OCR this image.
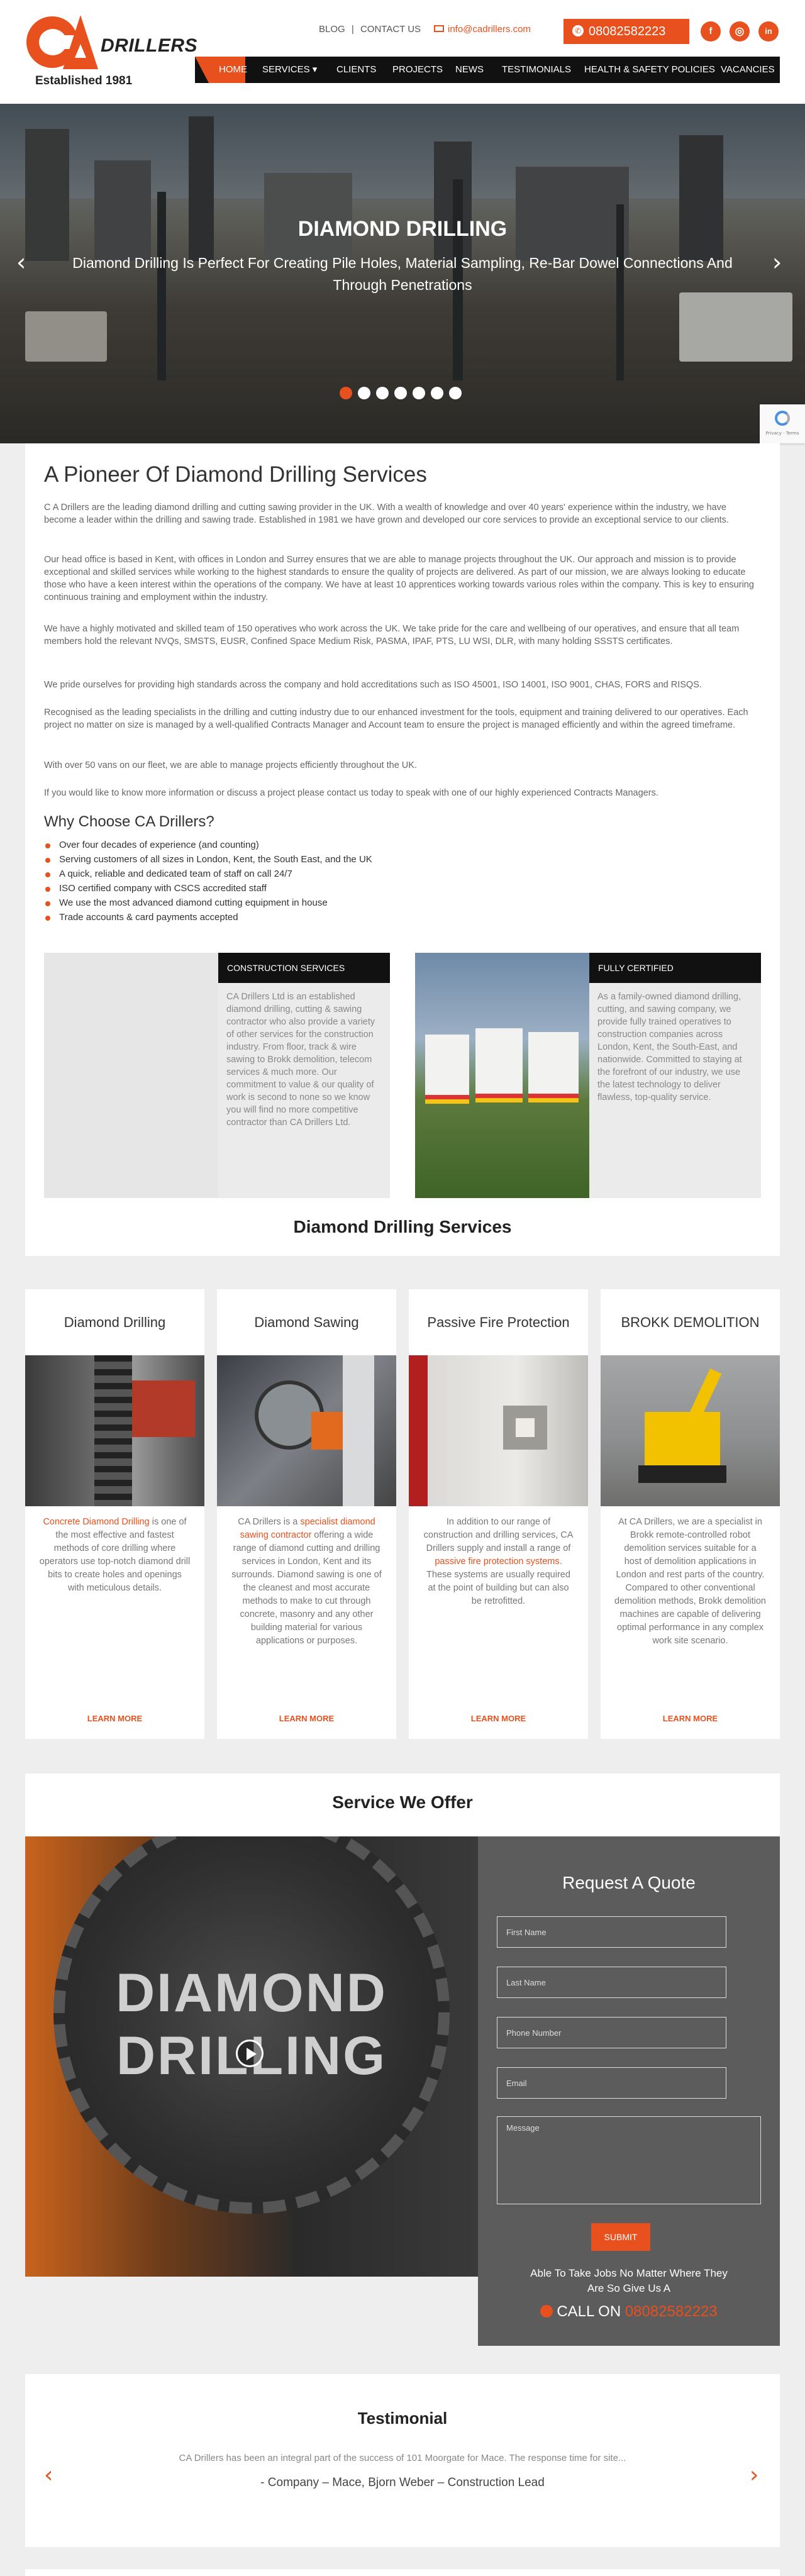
DRILLERS
Established 1981
BLOG | CONTACT US	info@cadrillers.com	✆ 08082582223	f	◎	in
HOME SERVICES ▾ CLIENTS PROJECTS NEWS TESTIMONIALS HEALTH & SAFETY POLICIES VACANCIES
DIAMOND DRILLING
Diamond Drilling Is Perfect For Creating Pile Holes, Material Sampling, Re-Bar Dowel Connections And Through Penetrations
‹	›
Privacy - Terms
A Pioneer Of Diamond Drilling Services
C A Drillers are the leading diamond drilling and cutting sawing provider in the UK. With a wealth of knowledge and over 40 years' experience within the industry, we have become a leader within the drilling and sawing trade. Established in 1981 we have grown and developed our core services to provide an exceptional service to our clients.
Our head office is based in Kent, with offices in London and Surrey ensures that we are able to manage projects throughout the UK. Our approach and mission is to provide exceptional and skilled services while working to the highest standards to ensure the quality of projects are delivered. As part of our mission, we are always looking to educate those who have a keen interest within the operations of the company. We have at least 10 apprentices working towards various roles within the company. This is key to ensuring continuous training and employment within the industry.
We have a highly motivated and skilled team of 150 operatives who work across the UK. We take pride for the care and wellbeing of our operatives, and ensure that all team members hold the relevant NVQs, SMSTS, EUSR, Confined Space Medium Risk, PASMA, IPAF, PTS, LU WSI, DLR, with many holding SSSTS certificates.
We pride ourselves for providing high standards across the company and hold accreditations such as ISO 45001, ISO 14001, ISO 9001, CHAS, FORS and RISQS.
Recognised as the leading specialists in the drilling and cutting industry due to our enhanced investment for the tools, equipment and training delivered to our operatives. Each project no matter on size is managed by a well-qualified Contracts Manager and Account team to ensure the project is managed efficiently and within the agreed timeframe.
With over 50 vans on our fleet, we are able to manage projects efficiently throughout the UK.
If you would like to know more information or discuss a project please contact us today to speak with one of our highly experienced Contracts Managers.
Why Choose CA Drillers?
Over four decades of experience (and counting)
Serving customers of all sizes in London, Kent, the South East, and the UK
A quick, reliable and dedicated team of staff on call 24/7
ISO certified company with CSCS accredited staff
We use the most advanced diamond cutting equipment in house
Trade accounts & card payments accepted
CONSTRUCTION SERVICES
CA Drillers Ltd is an established diamond drilling, cutting & sawing contractor who also provide a variety of other services for the construction industry. From floor, track & wire sawing to Brokk demolition, telecom services & much more. Our commitment to value & our quality of work is second to none so we know you will find no more competitive contractor than CA Drillers Ltd.
FULLY CERTIFIED
As a family-owned diamond drilling, cutting, and sawing company, we provide fully trained operatives to construction companies across London, Kent, the South-East, and nationwide. Committed to staying at the forefront of our industry, we use the latest technology to deliver flawless, top-quality service.
Diamond Drilling Services
Diamond Drilling
Concrete Diamond Drilling is one of the most effective and fastest methods of core drilling where operators use top-notch diamond drill bits to create holes and openings with meticulous details.
LEARN MORE
Diamond Sawing
CA Drillers is a specialist diamond sawing contractor offering a wide range of diamond cutting and drilling services in London, Kent and its surrounds. Diamond sawing is one of the cleanest and most accurate methods to make to cut through concrete, masonry and any other building material for various applications or purposes.
LEARN MORE
Passive Fire Protection
In addition to our range of construction and drilling services, CA Drillers supply and install a range of passive fire protection systems. These systems are usually required at the point of building but can also be retrofitted.
LEARN MORE
BROKK DEMOLITION
At CA Drillers, we are a specialist in Brokk remote-controlled robot demolition services suitable for a host of demolition applications in London and rest parts of the country. Compared to other conventional demolition methods, Brokk demolition machines are capable of delivering optimal performance in any complex work site scenario.
LEARN MORE
Service We Offer
DIAMOND
DRILLING
Request A Quote
First Name
Last Name
Phone Number
Email
Message
SUBMIT
Able To Take Jobs No Matter Where They Are So Give Us A
CALL ON 08082582223
Testimonial
CA Drillers has been an integral part of the success of 101 Moorgate for Mace. The response time for site...
- Company – Mace, Bjorn Weber – Construction Lead
‹	›
